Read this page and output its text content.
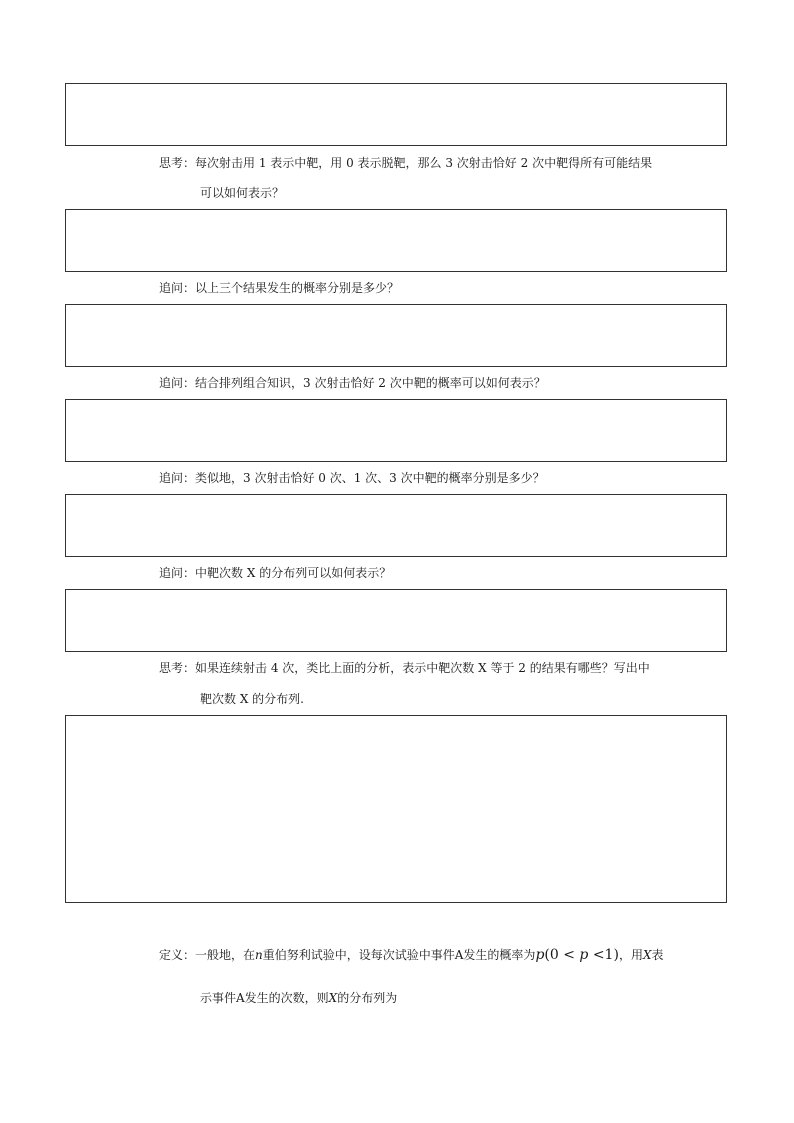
思考：每次射击用 1 表示中靶，用 0 表示脱靶，那么 3 次射击恰好 2 次中靶得所有可能结果
可以如何表示？
追问：以上三个结果发生的概率分别是多少？
追问：结合排列组合知识，3 次射击恰好 2 次中靶的概率可以如何表示？
追问：类似地，3 次射击恰好 0 次、1 次、3 次中靶的概率分别是多少？
追问：中靶次数 X 的分布列可以如何表示？
思考：如果连续射击 4 次，类比上面的分析，表示中靶次数 X 等于 2 的结果有哪些？写出中
靶次数 X 的分布列.
定义：一般地，在n重伯努利试验中，设每次试验中事件A发生的概率为p(0 < p <1)，用X表
示事件A发生的次数，则X的分布列为
